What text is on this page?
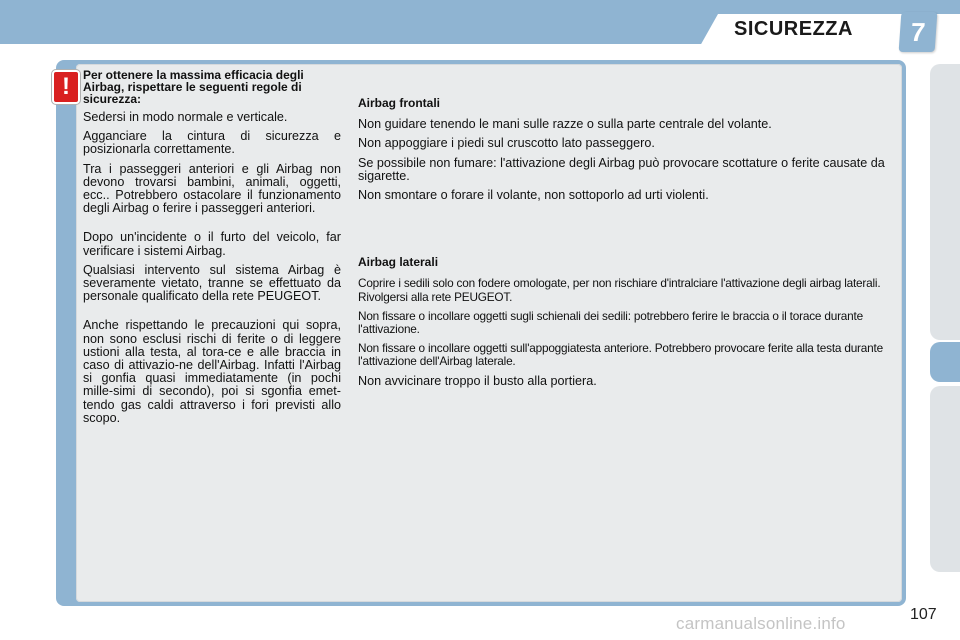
SICUREZZA	7
!	Per ottenere la massima efficacia degli Airbag, rispettare le seguenti regole di sicurezza:

Sedersi in modo normale e verticale.

Agganciare la cintura di sicurezza e posizionarla correttamente.

Tra i passeggeri anteriori e gli Airbag non devono trovarsi bambini, animali, oggetti, ecc.. Potrebbero ostacolare il funzionamento degli Airbag o ferire i passeggeri anteriori.

Dopo un'incidente o il furto del veicolo, far verificare i sistemi Airbag.

Qualsiasi intervento sul sistema Airbag è severamente vietato, tranne se effettuato da personale qualificato della rete PEUGEOT.

Anche rispettando le precauzioni qui sopra, non sono esclusi rischi di ferite o di leggere ustioni alla testa, al tora-ce e alle braccia in caso di attivazio-ne dell'Airbag. Infatti l'Airbag si gonfia quasi immediatamente (in pochi mille-simi di secondo), poi si sgonfia emet-tendo gas caldi attraverso i fori previsti allo scopo.

Airbag frontali

Non guidare tenendo le mani sulle razze o sulla parte centrale del volante.

Non appoggiare i piedi sul cruscotto lato passeggero.

Se possibile non fumare: l'attivazione degli Airbag può provocare scottature o ferite causate da sigarette.

Non smontare o forare il volante, non sottoporlo ad urti violenti.

Airbag laterali

Coprire i sedili solo con fodere omologate, per non rischiare d'intralciare l'attivazione degli airbag laterali. Rivolgersi alla rete PEUGEOT.

Non fissare o incollare oggetti sugli schienali dei sedili: potrebbero ferire le braccia o il torace durante l'attivazione.

Non fissare o incollare oggetti sull'appoggiatesta anteriore. Potrebbero provocare ferite alla testa durante l'attivazione dell'Airbag laterale.

Non avvicinare troppo il busto alla portiera.

carmanualsonline.info	107
